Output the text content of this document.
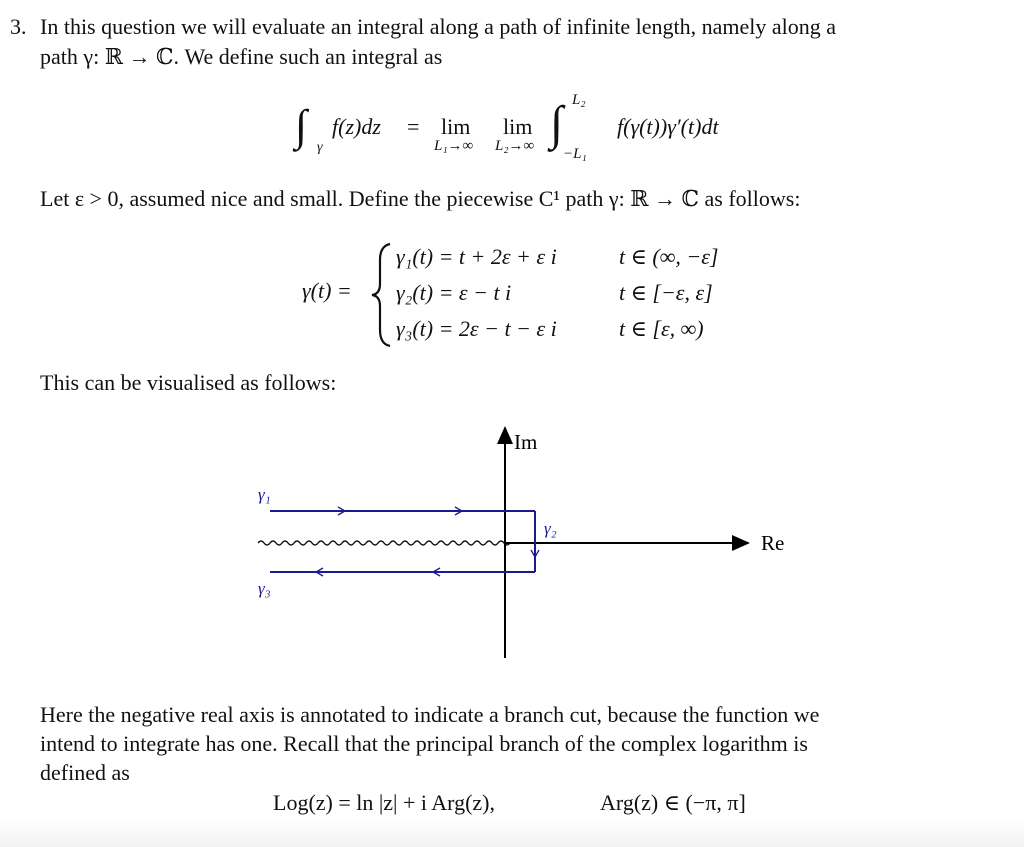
3. In this question we will evaluate an integral along a path of infinite length, namely along a
path γ: ℝ → ℂ. We define such an integral as
∫ γ
f(z)dz = lim
L₁→∞
lim
L₂→∞ ∫ L₂
−L₁
f(γ(t))γ′(t)dt
Let ε > 0, assumed nice and small. Define the piecewise C¹ path γ: ℝ → ℂ as follows:
γ(t) =
γ₁(t) = t + 2ε + ε i	t ∈ (∞, −ε]
γ₂(t) = ε − t i	t ∈ [−ε, ε]
γ₃(t) = 2ε − t − ε i	t ∈ [ε, ∞)
This can be visualised as follows:
Im
Re
γ₁
γ₂
γ₃
Here the negative real axis is annotated to indicate a branch cut, because the function we
intend to integrate has one. Recall that the principal branch of the complex logarithm is
defined as
Log(z) = ln |z| + i Arg(z),	Arg(z) ∈ (−π, π]
